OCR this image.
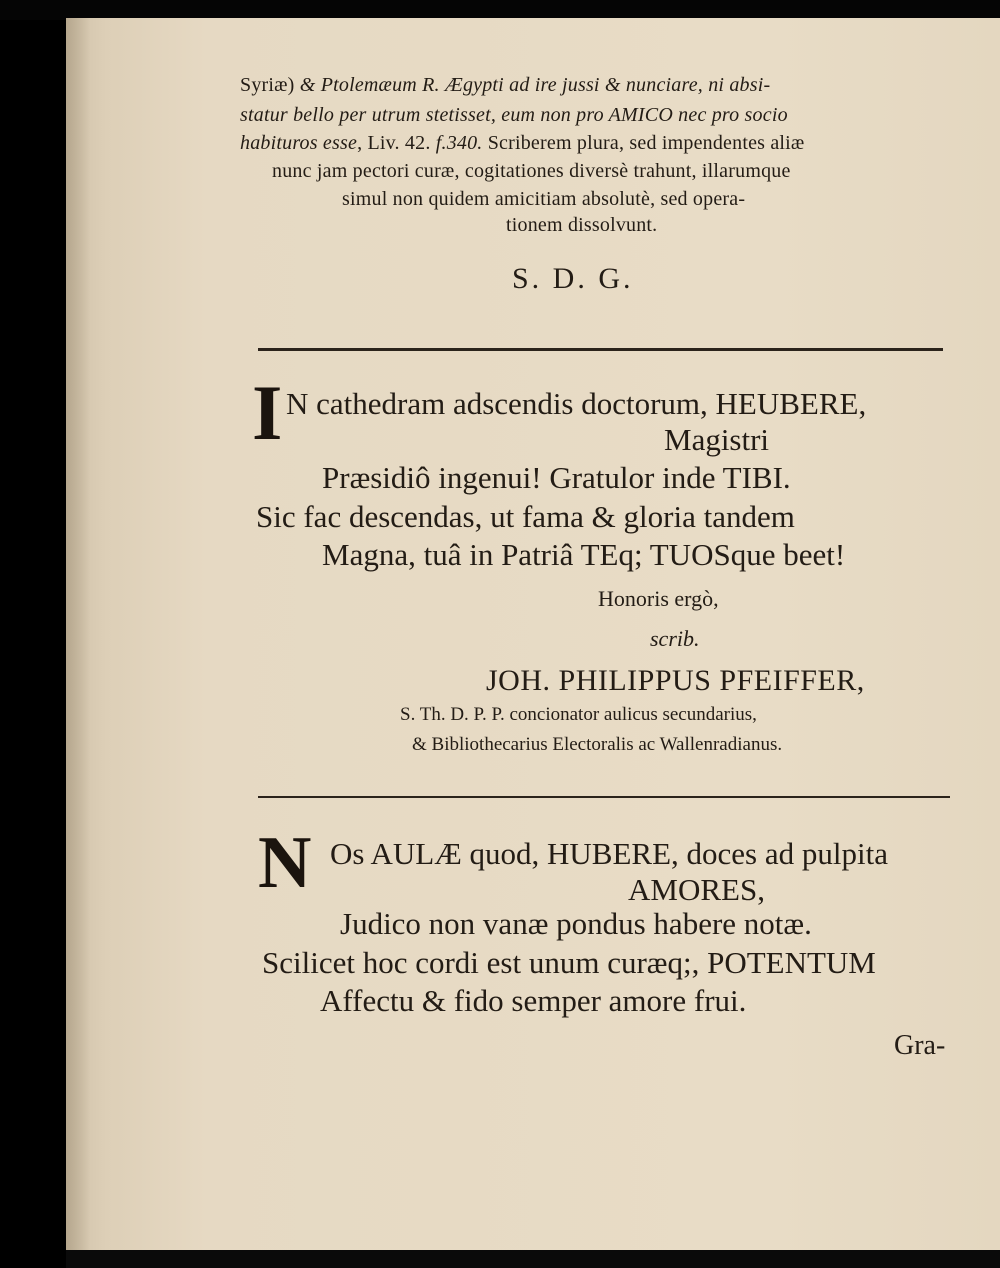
Syriæ) & Ptolemæum R. Ægypti ad ire jussi & nunciare, ni absi-
statur bello per utrum stetisset, eum non pro AMICO nec pro socio
habituros esse, Liv. 42. f.340. Scriberem plura, sed impendentes aliæ
nunc jam pectori curæ, cogitationes diversè trahunt, illarumque
simul non quidem amicitiam absolutè, sed opera-
tionem dissolvunt.
S. D. G.
I N cathedram adscendis doctorum, HEUBERE,
Magistri
Præsidiô ingenui! Gratulor inde TIBI.
Sic fac descendas, ut fama & gloria tandem
Magna, tuâ in Patriâ TEq; TUOSque beet!
Honoris ergò,
scrib.
JOH. PHILIPPUS PFEIFFER,
S. Th. D. P. P. concionator aulicus secundarius,
& Bibliothecarius Electoralis ac Wallenradianus.
N Os AULÆ quod, HUBERE, doces ad pulpita
AMORES,
Judico non vanæ pondus habere notæ.
Scilicet hoc cordi est unum curæq;, POTENTUM
Affectu & fido semper amore frui.
Gra-
